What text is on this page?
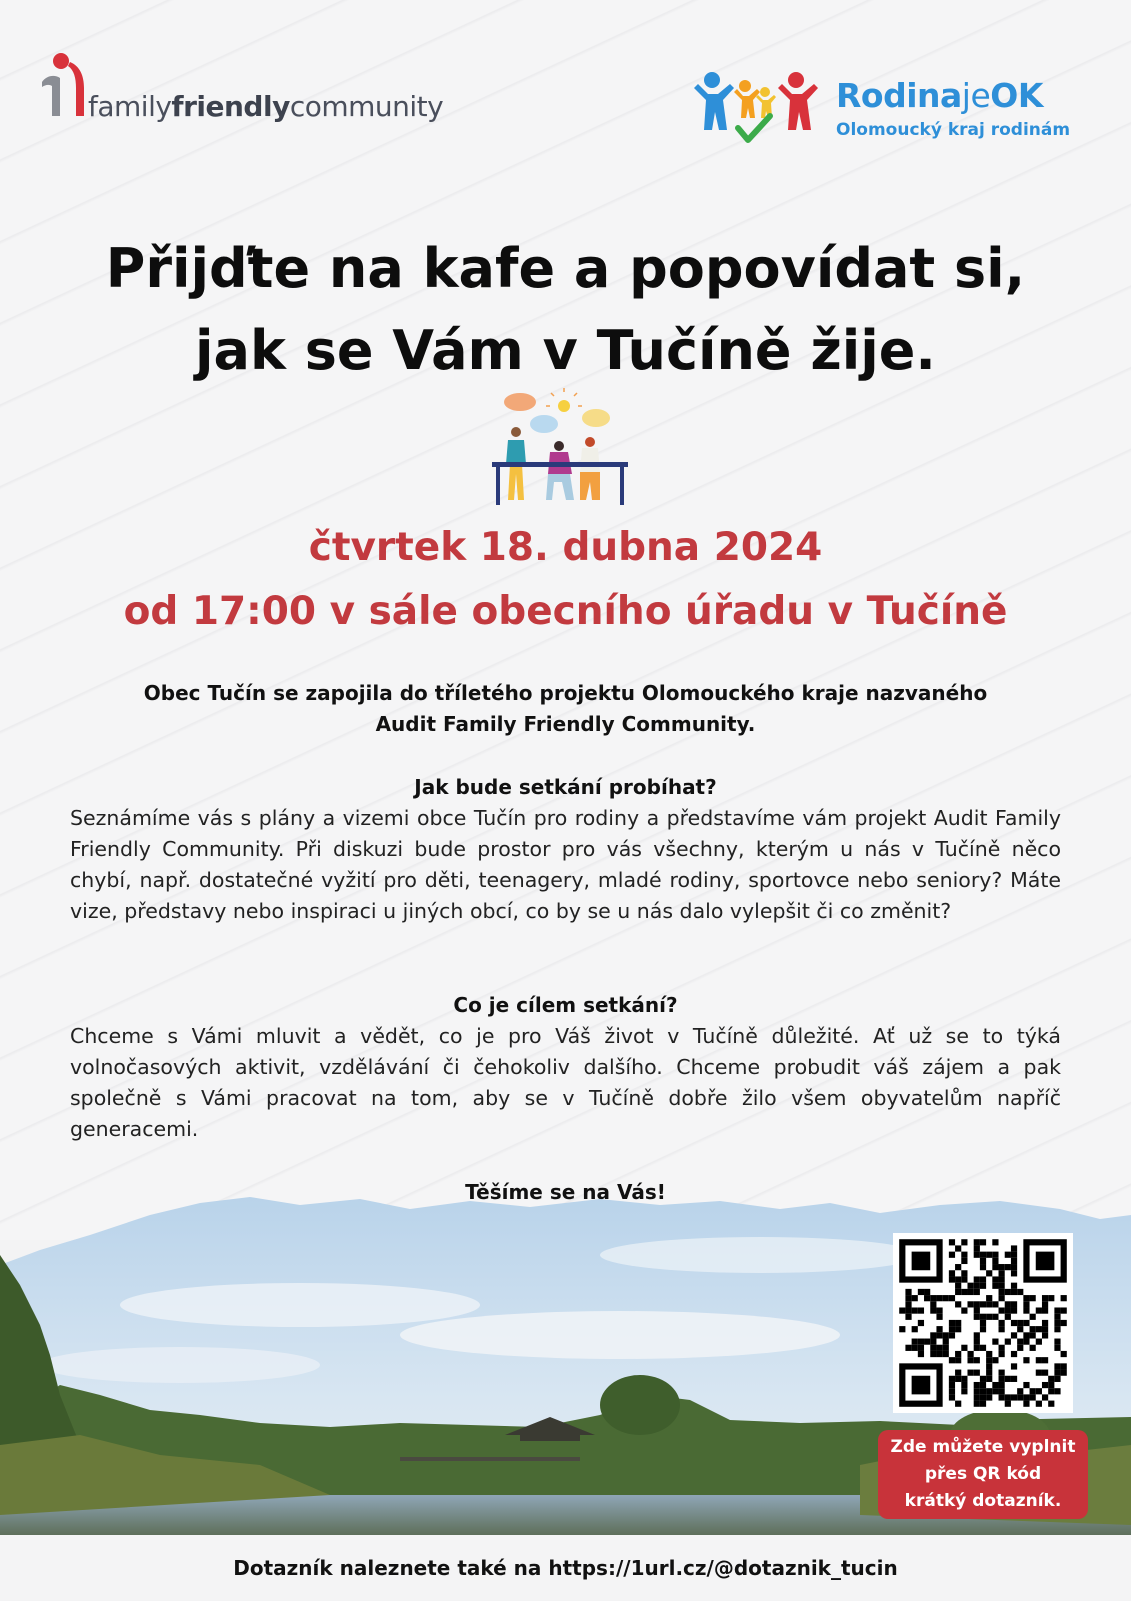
familyfriendlycommunity	RodinajeOK
Olomoucký kraj rodinám
Přijďte na kafe a popovídat si,
jak se Vám v Tučíně žije.
čtvrtek 18. dubna 2024
od 17:00 v sále obecního úřadu v Tučíně
Obec Tučín se zapojila do tříletého projektu Olomouckého kraje nazvaného
Audit Family Friendly Community.
Jak bude setkání probíhat?
Seznámíme vás s plány a vizemi obce Tučín pro rodiny a představíme vám projekt Audit Family Friendly Community. Při diskuzi bude prostor pro vás všechny, kterým u nás v Tučíně něco chybí, např. dostatečné vyžití pro děti, teenagery, mladé rodiny, sportovce nebo seniory? Máte vize, představy nebo inspiraci u jiných obcí, co by se u nás dalo vylepšit či co změnit?
Co je cílem setkání?
Chceme s Vámi mluvit a vědět, co je pro Váš život v Tučíně důležité. Ať už se to týká volnočasových aktivit, vzdělávání či čehokoliv dalšího. Chceme probudit váš zájem a pak společně s Vámi pracovat na tom, aby se v Tučíně dobře žilo všem obyvatelům napříč generacemi.
Těšíme se na Vás!
Zde můžete vyplnit
přes QR kód
krátký dotazník.
Dotazník naleznete také na https://1url.cz/@dotaznik_tucin
